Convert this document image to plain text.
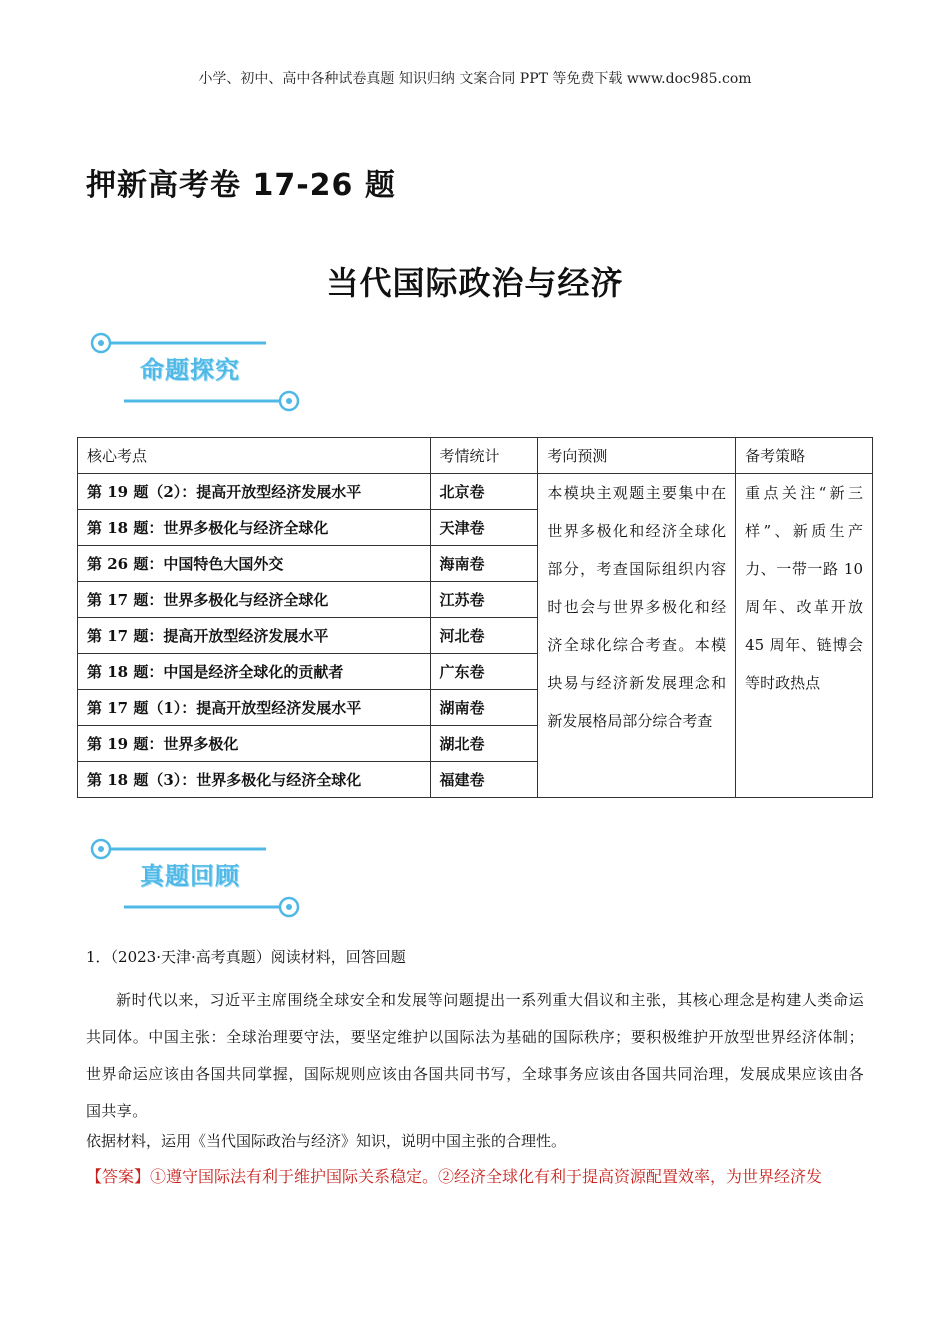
小学、初中、高中各种试卷真题 知识归纳 文案合同 PPT 等免费下载 www.doc985.com
押新高考卷 17-26 题
当代国际政治与经济
命题探究
核心考点	考情统计	考向预测	备考策略
第 19 题（2）：提高开放型经济发展水平	北京卷	本模块主观题主要集中在世界多极化和经济全球化部分，考查国际组织内容时也会与世界多极化和经济全球化综合考查。本模块易与经济新发展理念和新发展格局部分综合考查	重点关注“新三样”、新质生产力、一带一路 10 周年、改革开放 45 周年、链博会等时政热点
第 18 题：世界多极化与经济全球化	天津卷		
第 26 题：中国特色大国外交	海南卷		
第 17 题：世界多极化与经济全球化	江苏卷		
第 17 题：提高开放型经济发展水平	河北卷		
第 18 题：中国是经济全球化的贡献者	广东卷		
第 17 题（1）：提高开放型经济发展水平	湖南卷		
第 19 题：世界多极化	湖北卷		
第 18 题（3）：世界多极化与经济全球化	福建卷		
真题回顾
1．（2023·天津·高考真题）阅读材料，回答回题
新时代以来，习近平主席围绕全球安全和发展等问题提出一系列重大倡议和主张，其核心理念是构建人类命运共同体。中国主张：全球治理要守法，要坚定维护以国际法为基础的国际秩序；要积极维护开放型世界经济体制；世界命运应该由各国共同掌握，国际规则应该由各国共同书写，全球事务应该由各国共同治理，发展成果应该由各国共享。
依据材料，运用《当代国际政治与经济》知识，说明中国主张的合理性。
【答案】①遵守国际法有利于维护国际关系稳定。②经济全球化有利于提高资源配置效率，为世界经济发
